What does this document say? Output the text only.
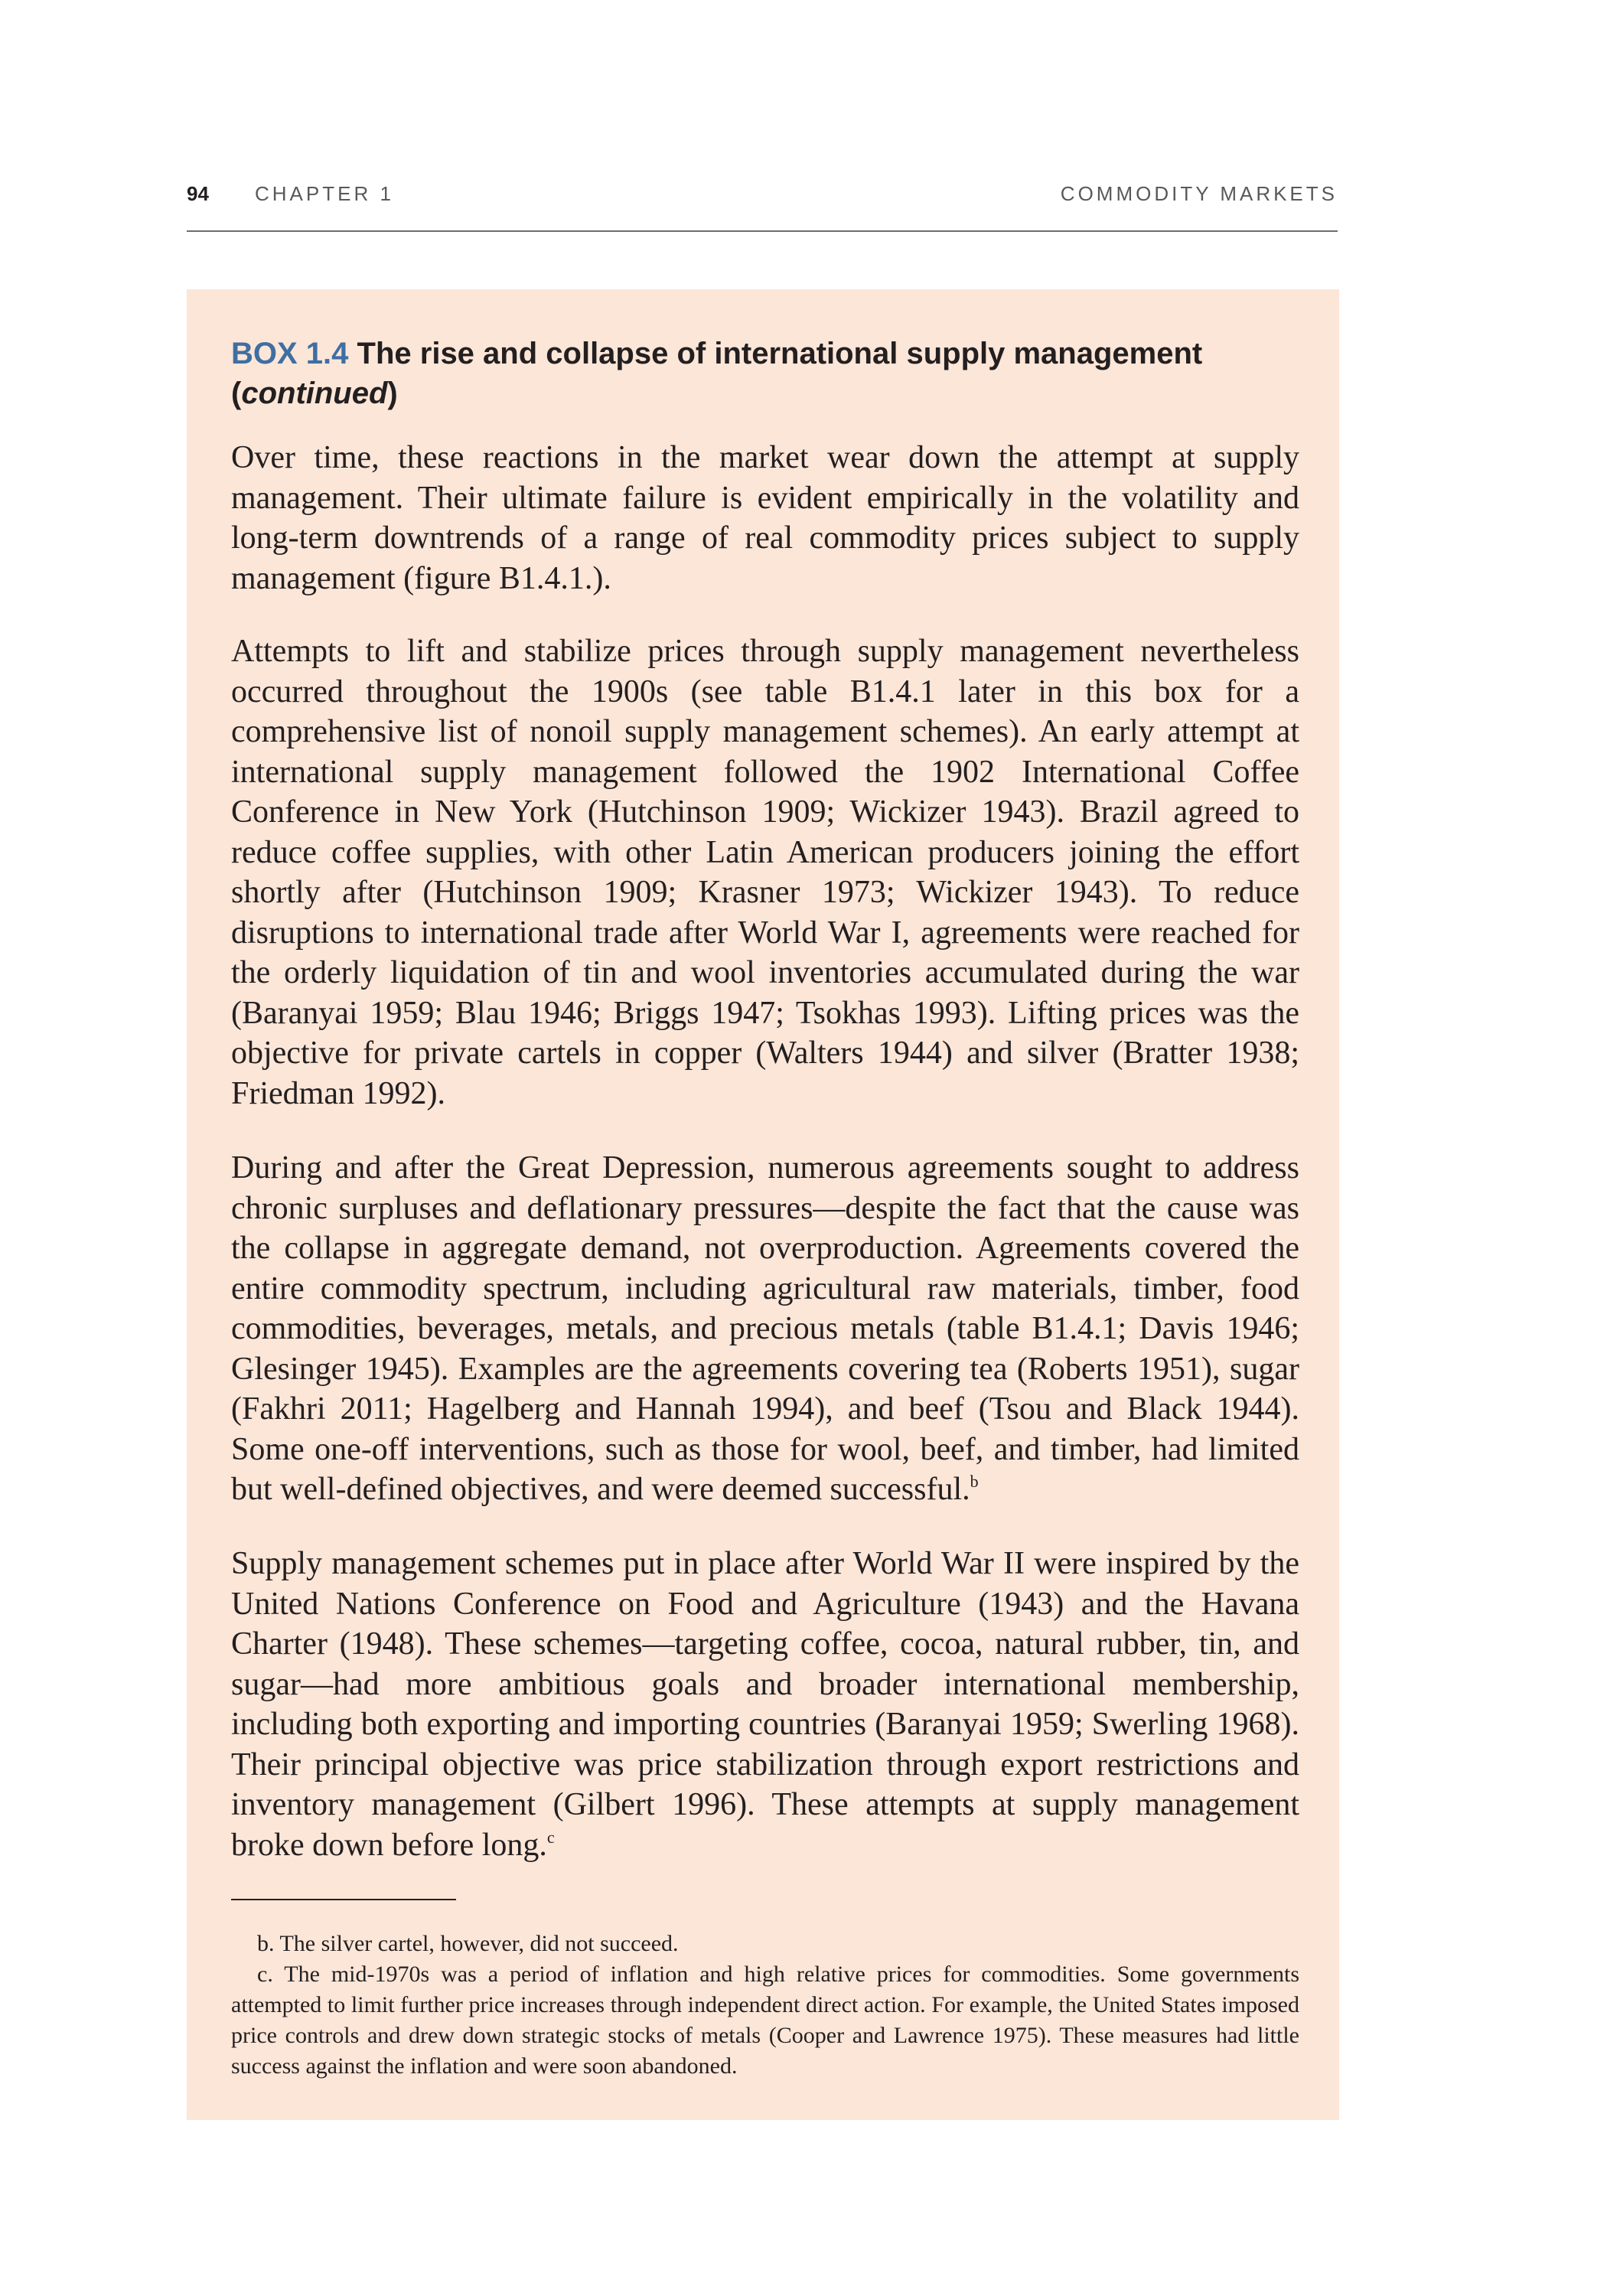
94 CHAPTER 1	COMMODITY MARKETS
BOX 1.4 The rise and collapse of international supply management
(continued)

Over time, these reactions in the market wear down the attempt at supply management. Their ultimate failure is evident empirically in the volatility and long-term downtrends of a range of real commodity prices subject to supply management (figure B1.4.1.).

Attempts to lift and stabilize prices through supply management nevertheless occurred throughout the 1900s (see table B1.4.1 later in this box for a comprehensive list of nonoil supply management schemes). An early attempt at international supply management followed the 1902 International Coffee Conference in New York (Hutchinson 1909; Wickizer 1943). Brazil agreed to reduce coffee supplies, with other Latin American producers joining the effort shortly after (Hutchinson 1909; Krasner 1973; Wickizer 1943). To reduce disruptions to international trade after World War I, agreements were reached for the orderly liquidation of tin and wool inventories accumulated during the war (Baranyai 1959; Blau 1946; Briggs 1947; Tsokhas 1993). Lifting prices was the objective for private cartels in copper (Walters 1944) and silver (Bratter 1938; Friedman 1992).

During and after the Great Depression, numerous agreements sought to address chronic surpluses and deflationary pressures—despite the fact that the cause was the collapse in aggregate demand, not overproduction. Agreements covered the entire commodity spectrum, including agricultural raw materials, timber, food commodities, beverages, metals, and precious metals (table B1.4.1; Davis 1946; Glesinger 1945). Examples are the agreements covering tea (Roberts 1951), sugar (Fakhri 2011; Hagelberg and Hannah 1994), and beef (Tsou and Black 1944). Some one-off interventions, such as those for wool, beef, and timber, had limited but well-defined objectives, and were deemed successful.$^b$

Supply management schemes put in place after World War II were inspired by the United Nations Conference on Food and Agriculture (1943) and the Havana Charter (1948). These schemes—targeting coffee, cocoa, natural rubber, tin, and sugar—had more ambitious goals and broader international membership, including both exporting and importing countries (Baranyai 1959; Swerling 1968). Their principal objective was price stabilization through export restrictions and inventory management (Gilbert 1996). These attempts at supply management broke down before long.$^c$

b. The silver cartel, however, did not succeed.

c. The mid-1970s was a period of inflation and high relative prices for commodities. Some governments attempted to limit further price increases through independent direct action. For example, the United States imposed price controls and drew down strategic stocks of metals (Cooper and Lawrence 1975). These measures had little success against the inflation and were soon abandoned.
